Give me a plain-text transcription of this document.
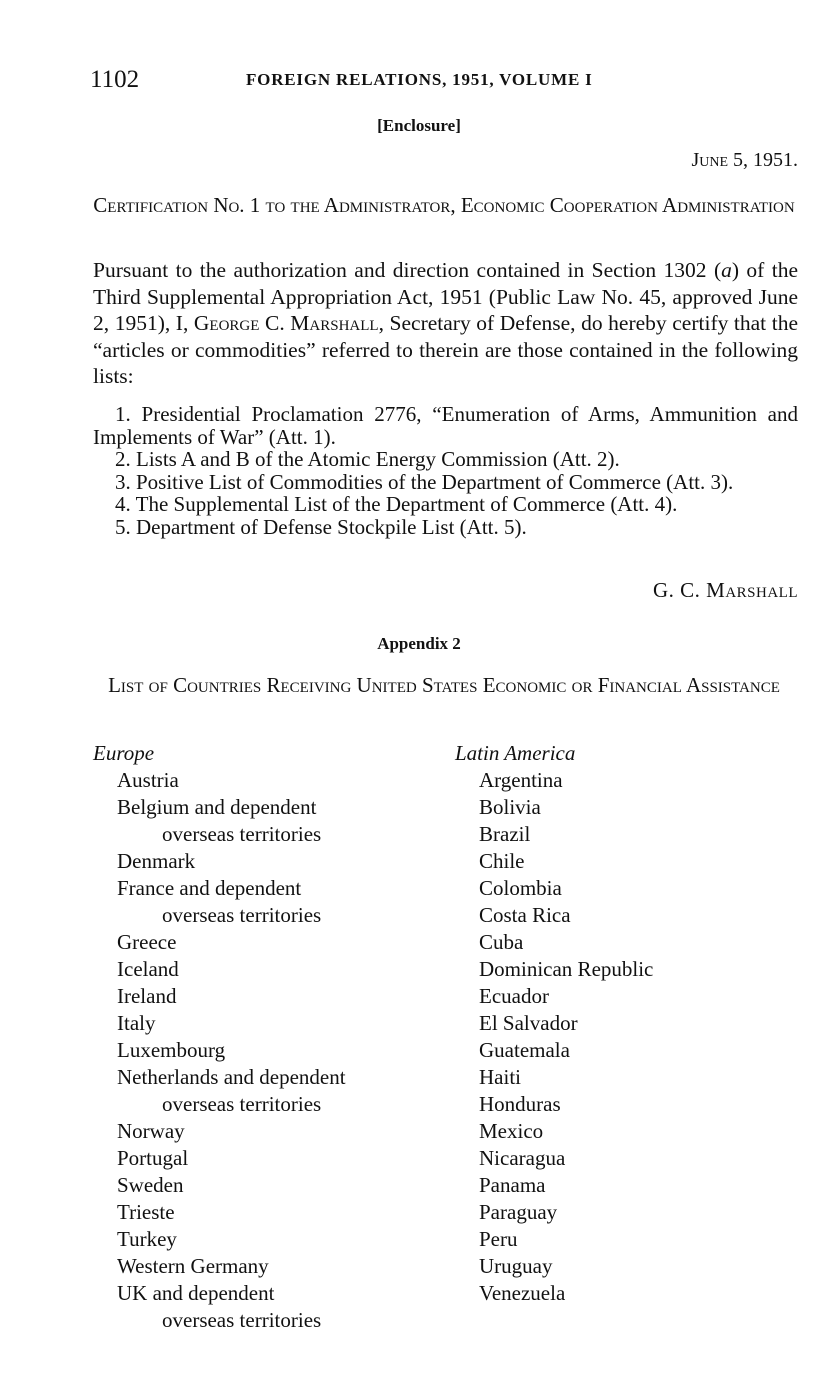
1102	FOREIGN RELATIONS, 1951, VOLUME I
[Enclosure]
June 5, 1951.
Certification No. 1 to the Administrator, Economic Cooperation Administration
Pursuant to the authorization and direction contained in Section 1302 (a) of the Third Supplemental Appropriation Act, 1951 (Public Law No. 45, approved June 2, 1951), I, George C. Marshall, Secretary of Defense, do hereby certify that the “articles or commodities” referred to therein are those contained in the following lists:
1. Presidential Proclamation 2776, “Enumeration of Arms, Ammunition and Implements of War” (Att. 1).
2. Lists A and B of the Atomic Energy Commission (Att. 2).
3. Positive List of Commodities of the Department of Commerce (Att. 3).
4. The Supplemental List of the Department of Commerce (Att. 4).
5. Department of Defense Stockpile List (Att. 5).
G. C. Marshall
Appendix 2
List of Countries Receiving United States Economic or Financial Assistance
Europe
Austria
Belgium and dependent
overseas territories
Denmark
France and dependent
overseas territories
Greece
Iceland
Ireland
Italy
Luxembourg
Netherlands and dependent
overseas territories
Norway
Portugal
Sweden
Trieste
Turkey
Western Germany
UK and dependent
overseas territories
Latin America
Argentina
Bolivia
Brazil
Chile
Colombia
Costa Rica
Cuba
Dominican Republic
Ecuador
El Salvador
Guatemala
Haiti
Honduras
Mexico
Nicaragua
Panama
Paraguay
Peru
Uruguay
Venezuela
